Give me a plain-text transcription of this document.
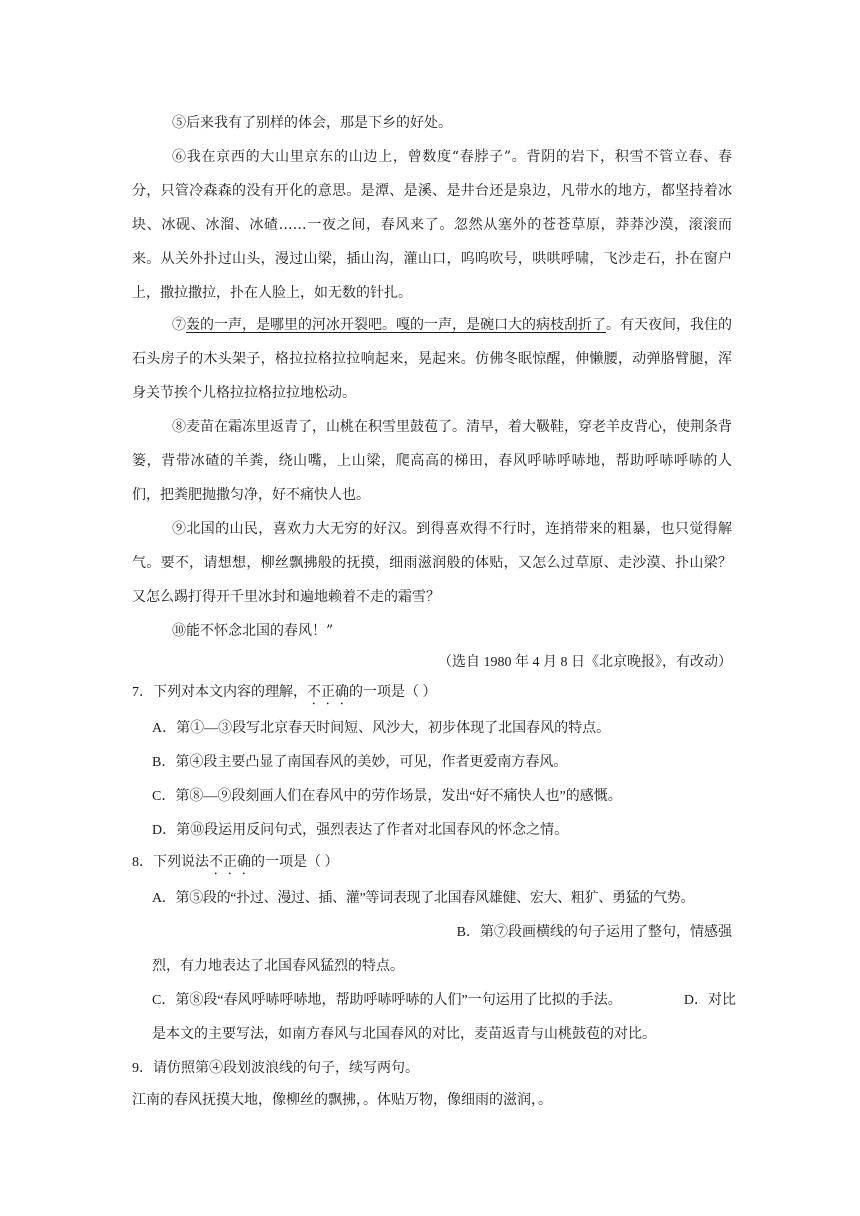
⑤后来我有了别样的体会，那是下乡的好处。

⑥我在京西的大山里京东的山边上，曾数度“春脖子”。背阴的岩下，积雪不管立春、春分，只管冷森森的没有开化的意思。是潭、是溪、是井台还是泉边，凡带水的地方，都坚持着冰块、冰砚、冰溜、冰碴……一夜之间，春风来了。忽然从塞外的苍苍草原，莽莽沙漠，滚滚而来。从关外扑过山头，漫过山梁，插山沟，灌山口，呜呜吹号，哄哄呼啸，飞沙走石，扑在窗户上，撒拉撒拉，扑在人脸上，如无数的针扎。

⑦轰的一声，是哪里的河冰开裂吧。嘎的一声，是碗口大的病枝刮折了。有天夜间，我住的石头房子的木头架子，格拉拉格拉拉响起来，晃起来。仿佛冬眠惊醒，伸懒腰，动弹胳臂腿，浑身关节挨个儿格拉拉格拉拉地松动。

⑧麦苗在霜冻里返青了，山桃在积雪里鼓苞了。清早，着大靸鞋，穿老羊皮背心，使荆条背篓，背带冰碴的羊粪，绕山嘴，上山梁，爬高高的梯田，春风呼哧呼哧地，帮助呼哧呼哧的人们，把粪肥抛撒匀净，好不痛快人也。

⑨北国的山民，喜欢力大无穷的好汉。到得喜欢得不行时，连捎带来的粗暴，也只觉得解气。要不，请想想，柳丝飘拂般的抚摸，细雨滋润般的体贴，又怎么过草原、走沙漠、扑山梁？又怎么踢打得开千里冰封和遍地赖着不走的霜雪？

⑩能不怀念北国的春风！”

（选自 1980 年 4 月 8 日《北京晚报》，有改动）

7．下列对本文内容的理解，不正确的一项是（ ）

A．第①—③段写北京春天时间短、风沙大，初步体现了北国春风的特点。

B．第④段主要凸显了南国春风的美妙，可见，作者更爱南方春风。

C．第⑧—⑨段刻画人们在春风中的劳作场景，发出“好不痛快人也”的感慨。

D．第⑩段运用反问句式，强烈表达了作者对北国春风的怀念之情。

8．下列说法不正确的一项是（ ）

A．第⑤段的“扑过、漫过、插、灌”等词表现了北国春风雄健、宏大、粗犷、勇猛的气势。

B．第⑦段画横线的句子运用了整句，情感强

烈，有力地表达了北国春风猛烈的特点。

C．第⑧段“春风呼哧呼哧地，帮助呼哧呼哧的人们”一句运用了比拟的手法。	D．对比

是本文的主要写法，如南方春风与北国春风的对比，麦苗返青与山桃鼓苞的对比。

9．请仿照第④段划波浪线的句子，续写两句。

江南的春风抚摸大地，像柳丝的飘拂，。体贴万物，像细雨的滋润，。
